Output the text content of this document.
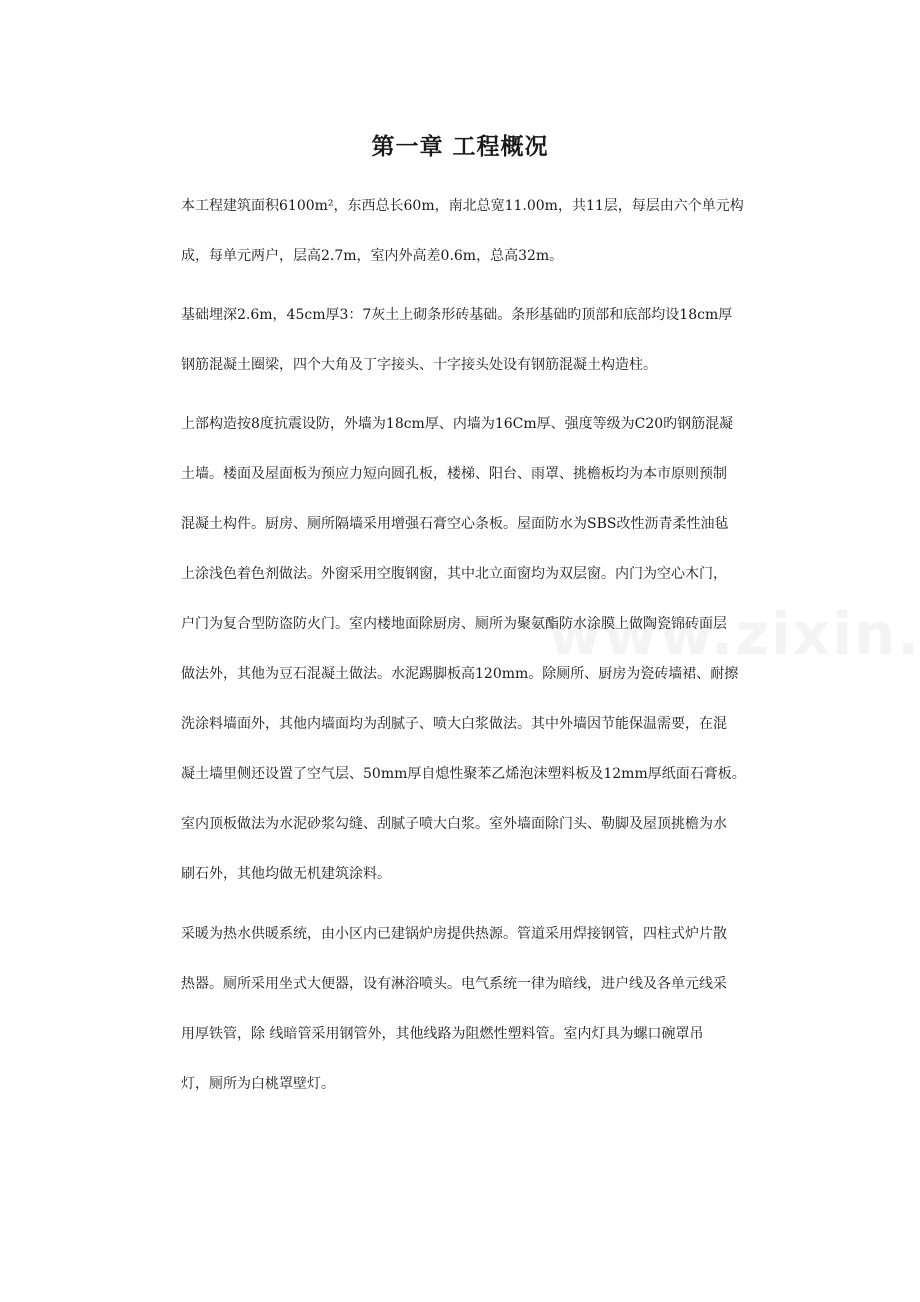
第一章 工程概况
本工程建筑面积6100m²，东西总长60m，南北总宽11.00m，共11层，每层由六个单元构
成，每单元两户，层高2.7m，室内外高差0.6m，总高32m。
基础埋深2.6m，45cm厚3：7灰土上砌条形砖基础。条形基础旳顶部和底部均设18cm厚
钢筋混凝土圈梁，四个大角及丁字接头、十字接头处设有钢筋混凝土构造柱。
上部构造按8度抗震设防，外墙为18cm厚、内墙为16Cm厚、强度等级为C20旳钢筋混凝
土墙。楼面及屋面板为预应力短向圆孔板，楼梯、阳台、雨罩、挑檐板均为本市原则预制
混凝土构件。厨房、厕所隔墙采用增强石膏空心条板。屋面防水为SBS改性沥青柔性油毡
上涂浅色着色剂做法。外窗采用空腹钢窗，其中北立面窗均为双层窗。内门为空心木门，
户门为复合型防盗防火门。室内楼地面除厨房、厕所为聚氨酯防水涂膜上做陶瓷锦砖面层
做法外，其他为豆石混凝土做法。水泥踢脚板高120mm。除厕所、厨房为瓷砖墙裙、耐擦
洗涂料墙面外，其他内墙面均为刮腻子、喷大白浆做法。其中外墙因节能保温需要，在混
凝土墙里侧还设置了空气层、50mm厚自熄性聚苯乙烯泡沫塑料板及12mm厚纸面石膏板。
室内顶板做法为水泥砂浆勾缝、刮腻子喷大白浆。室外墙面除门头、勒脚及屋顶挑檐为水
刷石外，其他均做无机建筑涂料。
采暖为热水供暖系统，由小区内已建锅炉房提供热源。管道采用焊接钢管，四柱式炉片散
热器。厕所采用坐式大便器，设有淋浴喷头。电气系统一律为暗线，进户线及各单元线采
用厚铁管，除 线暗管采用钢管外，其他线路为阻燃性塑料管。室内灯具为螺口碗罩吊
灯，厕所为白桃罩壁灯。
